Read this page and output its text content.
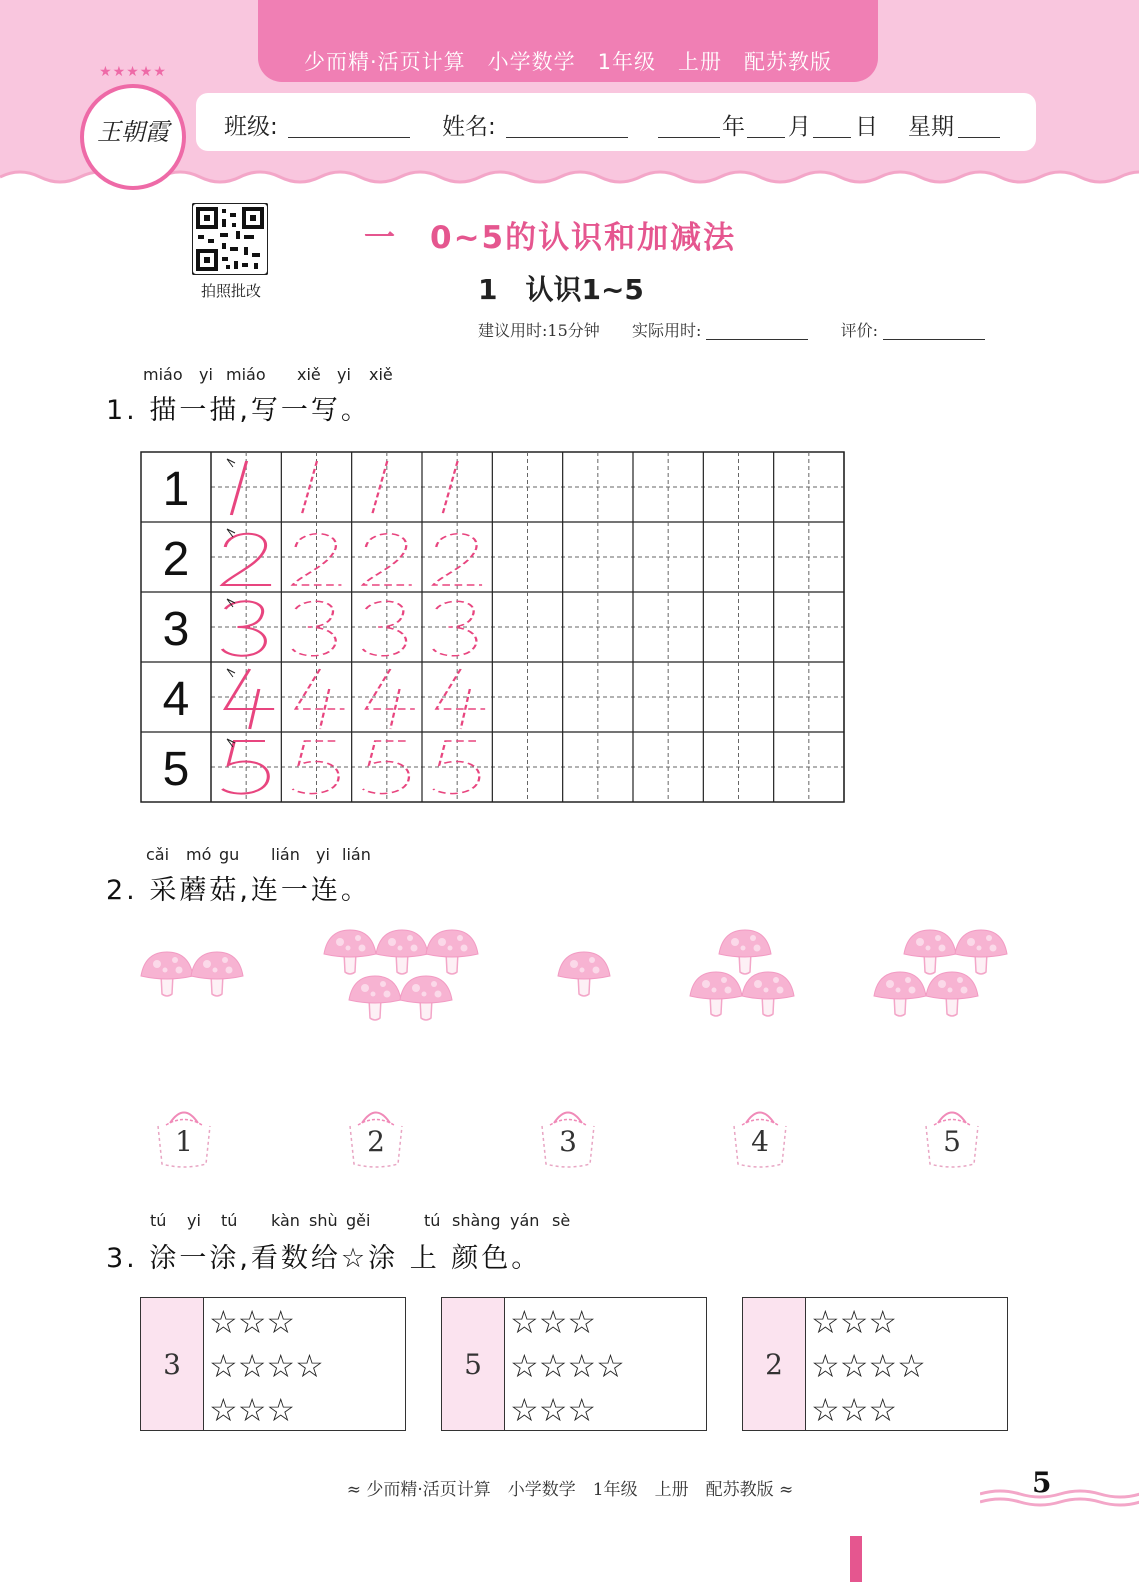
少而精·活页计算　小学数学　1年级　上册　配苏教版
班级:	姓名:	年 月 日 星期
★★★★★
王朝霞
拍照批改
一　0~5的认识和加减法
1　认识1~5
建议用时:15分钟 实际用时:	评价:
miáo yi miáo xiě yi xiě
1. 描一描,写一写。
1
2
3
4
5
cǎi mó gu lián yi lián
2. 采蘑菇,连一连。
1	2	3	4	5
tú yi tú kàn shù gěi	tú shàng yán sè
3. 涂一涂,看数给☆涂 上 颜色。
3
☆☆☆
☆☆☆☆
☆☆☆
5
☆☆☆
☆☆☆☆
☆☆☆
2
☆☆☆
☆☆☆☆
☆☆☆
≈ 少而精·活页计算　小学数学　1年级　上册　配苏教版 ≈	5
